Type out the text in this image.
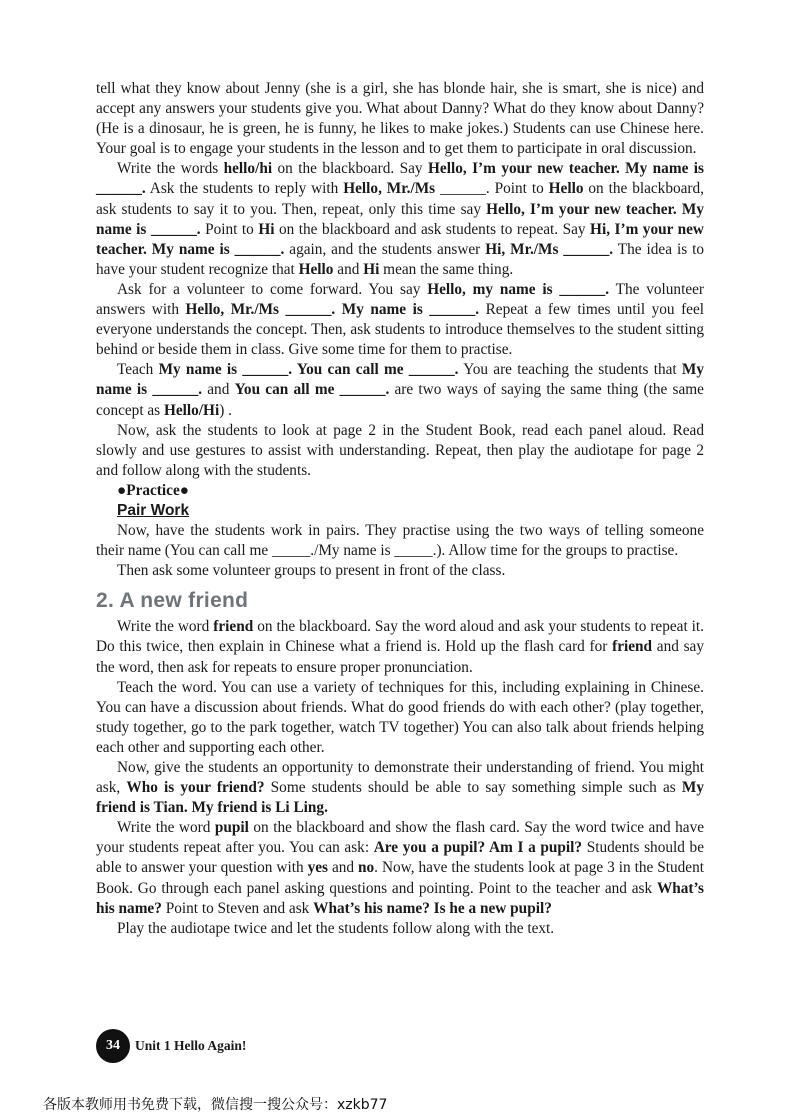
tell what they know about Jenny (she is a girl, she has blonde hair, she is smart, she is nice) and accept any answers your students give you. What about Danny? What do they know about Danny? (He is a dinosaur, he is green, he is funny, he likes to make jokes.) Students can use Chinese here. Your goal is to engage your students in the lesson and to get them to participate in oral discussion.

Write the words hello/hi on the blackboard. Say Hello, I’m your new teacher. My name is ______. Ask the students to reply with Hello, Mr./Ms ______. Point to Hello on the blackboard, ask students to say it to you. Then, repeat, only this time say Hello, I’m your new teacher. My name is ______. Point to Hi on the blackboard and ask students to repeat. Say Hi, I’m your new teacher. My name is ______. again, and the students answer Hi, Mr./Ms ______. The idea is to have your student recognize that Hello and Hi mean the same thing.

Ask for a volunteer to come forward. You say Hello, my name is ______. The volunteer answers with Hello, Mr./Ms ______. My name is ______. Repeat a few times until you feel everyone understands the concept. Then, ask students to introduce themselves to the student sitting behind or beside them in class. Give some time for them to practise.

Teach My name is ______. You can call me ______. You are teaching the students that My name is ______. and You can all me ______. are two ways of saying the same thing (the same concept as Hello/Hi) .

Now, ask the students to look at page 2 in the Student Book, read each panel aloud. Read slowly and use gestures to assist with understanding. Repeat, then play the audiotape for page 2 and follow along with the students.

●Practice●

Pair Work

Now, have the students work in pairs. They practise using the two ways of telling someone their name (You can call me _____./My name is _____.). Allow time for the groups to practise.

Then ask some volunteer groups to present in front of the class.

2. A new friend

Write the word friend on the blackboard. Say the word aloud and ask your students to repeat it. Do this twice, then explain in Chinese what a friend is. Hold up the flash card for friend and say the word, then ask for repeats to ensure proper pronunciation.

Teach the word. You can use a variety of techniques for this, including explaining in Chinese. You can have a discussion about friends. What do good friends do with each other? (play together, study together, go to the park together, watch TV together) You can also talk about friends helping each other and supporting each other.

Now, give the students an opportunity to demonstrate their understanding of friend. You might ask, Who is your friend? Some students should be able to say something simple such as My friend is Tian. My friend is Li Ling.

Write the word pupil on the blackboard and show the flash card. Say the word twice and have your students repeat after you. You can ask: Are you a pupil? Am I a pupil? Students should be able to answer your question with yes and no. Now, have the students look at page 3 in the Student Book. Go through each panel asking questions and pointing. Point to the teacher and ask What’s his name? Point to Steven and ask What’s his name? Is he a new pupil?

Play the audiotape twice and let the students follow along with the text.

34	Unit 1 Hello Again!
各版本教师用书免费下载，微信搜一搜公众号：xzkb77
